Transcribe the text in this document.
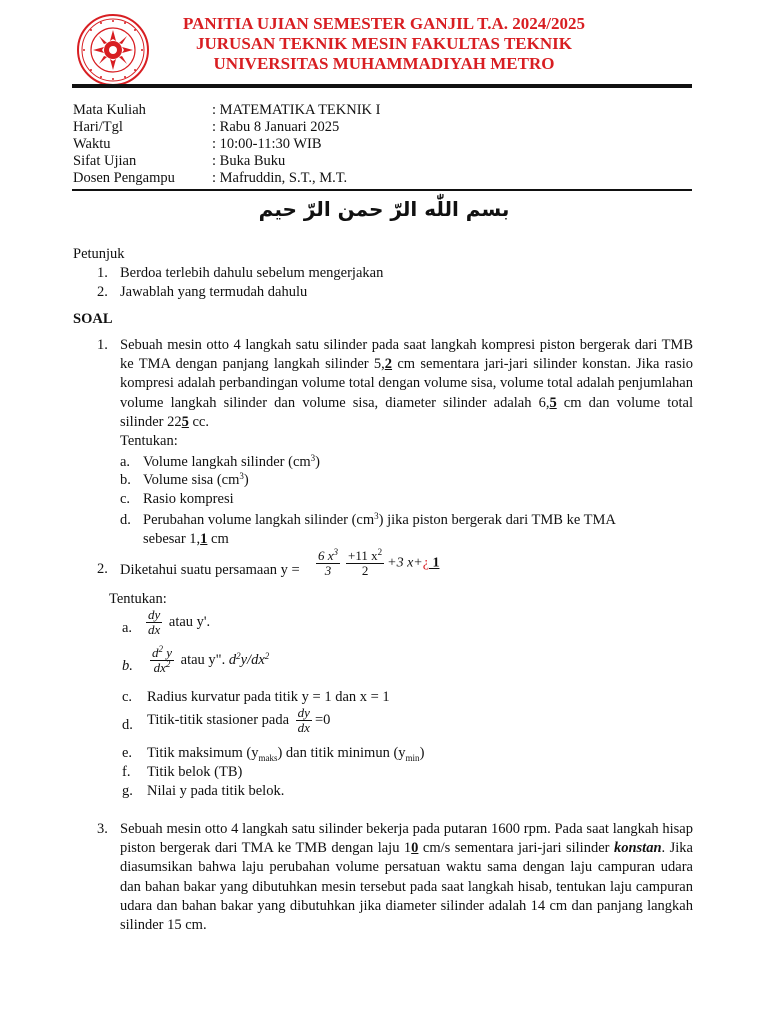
PANITIA UJIAN SEMESTER GANJIL T.A. 2024/2025
JURUSAN TEKNIK MESIN FAKULTAS TEKNIK
UNIVERSITAS MUHAMMADIYAH METRO
Mata Kuliah	: MATEMATIKA TEKNIK I
Hari/Tgl	: Rabu 8 Januari 2025
Waktu	: 10:00-11:30 WIB
Sifat Ujian	: Buka Buku
Dosen Pengampu	: Mafruddin, S.T., M.T.
بسم اللّٰه الرّ حمن الرّ حيم
Petunjuk
1. Berdoa terlebih dahulu sebelum mengerjakan
2. Jawablah yang termudah dahulu
SOAL
1. Sebuah mesin otto 4 langkah satu silinder pada saat langkah kompresi piston bergerak dari TMB ke TMA dengan panjang langkah silinder 5,2 cm sementara jari-jari silinder konstan. Jika rasio kompresi adalah perbandingan volume total dengan volume sisa, volume total adalah penjumlahan volume langkah silinder dan volume sisa, diameter silinder adalah 6,5 cm dan volume total silinder 225 cc.
Tentukan:
a. Volume langkah silinder $(cm^3)$
b. Volume sisa $(cm^3)$
c. Rasio kompresi
d. Perubahan volume langkah silinder $(cm^3)$ jika piston bergerak dari TMB ke TMA
sebesar 1,1 cm
2. Diketahui suatu persamaan $y = \frac{6 x^3}{3} \frac{+11 x^2}{2} +3$ x+¿ 1
Tentukan:
a. $\frac{dy}{dx}$ atau y'.
b. $\frac{d^2 y}{dx^2}$ atau y". $d^2y/dx^2$
c. Radius kurvatur pada titik y = 1 dan x = 1
d. Titik-titik stasioner pada $\frac{dy}{dx} =0$
e. Titik maksimum $(y_{maks})$ dan titik minimun $(y_{min})$
f. Titik belok (TB)
g. Nilai y pada titik belok.
3. Sebuah mesin otto 4 langkah satu silinder bekerja pada putaran 1600 rpm. Pada saat langkah hisap piston bergerak dari TMA ke TMB dengan laju 10 cm/s sementara jari-jari silinder konstan. Jika diasumsikan bahwa laju perubahan volume persatuan waktu sama dengan laju campuran udara dan bahan bakar yang dibutuhkan mesin tersebut pada saat langkah hisab, tentukan laju campuran udara dan bahan bakar yang dibutuhkan jika diameter silinder adalah 14 cm dan panjang langkah silinder 15 cm.
